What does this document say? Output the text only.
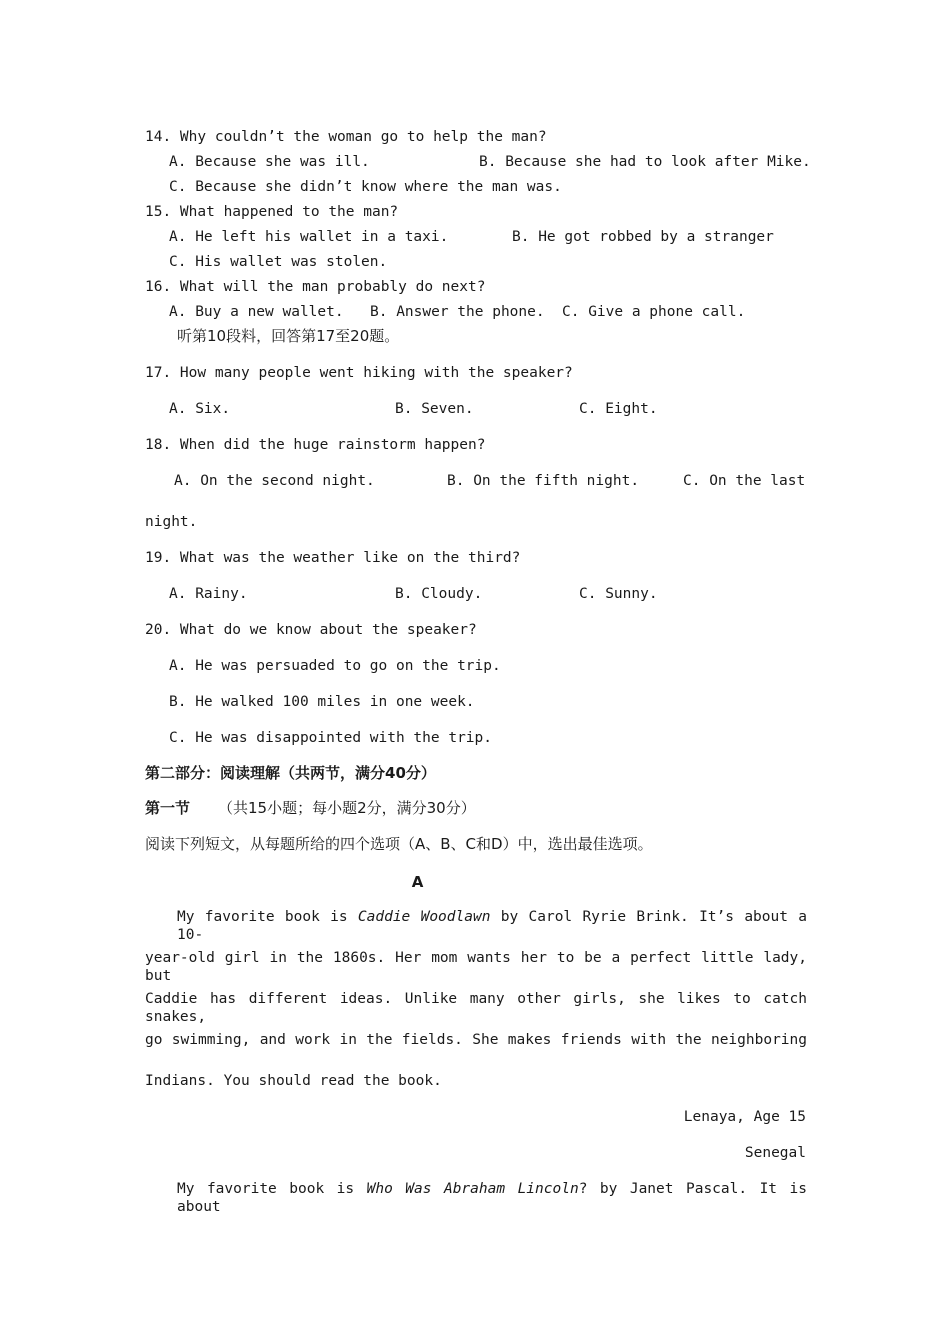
14. Why couldn’t the woman go to help the man?
A. Because she was ill.	B. Because she had to look after Mike.
C. Because she didn’t know where the man was.
15. What happened to the man?
A. He left his wallet in a taxi.	B. He got robbed by a stranger
C. His wallet was stolen.
16. What will the man probably do next?
A. Buy a new wallet. B. Answer the phone. C. Give a phone call.
听第10段料，回答第17至20题。
17. How many people went hiking with the speaker?
A. Six.	B. Seven.	C. Eight.
18. When did the huge rainstorm happen?
A. On the second night.	B. On the fifth night.	C. On the last
night.
19. What was the weather like on the third?
A. Rainy.	B. Cloudy.	C. Sunny.
20. What do we know about the speaker?
A. He was persuaded to go on the trip.
B. He walked 100 miles in one week.
C. He was disappointed with the trip.
第二部分：阅读理解（共两节，满分40分）
第一节 （共15小题；每小题2分，满分30分）
阅读下列短文，从每题所给的四个选项（A、B、C和D）中，选出最佳选项。
A
My favorite book is Caddie Woodlawn by Carol Ryrie Brink. It’s about a 10-
year-old girl in the 1860s. Her mom wants her to be a perfect little lady, but
Caddie has different ideas. Unlike many other girls, she likes to catch snakes,
go swimming, and work in the fields. She makes friends with the neighboring
Indians. You should read the book.
Lenaya, Age 15
Senegal
My favorite book is Who Was Abraham Lincoln? by Janet Pascal. It is about
